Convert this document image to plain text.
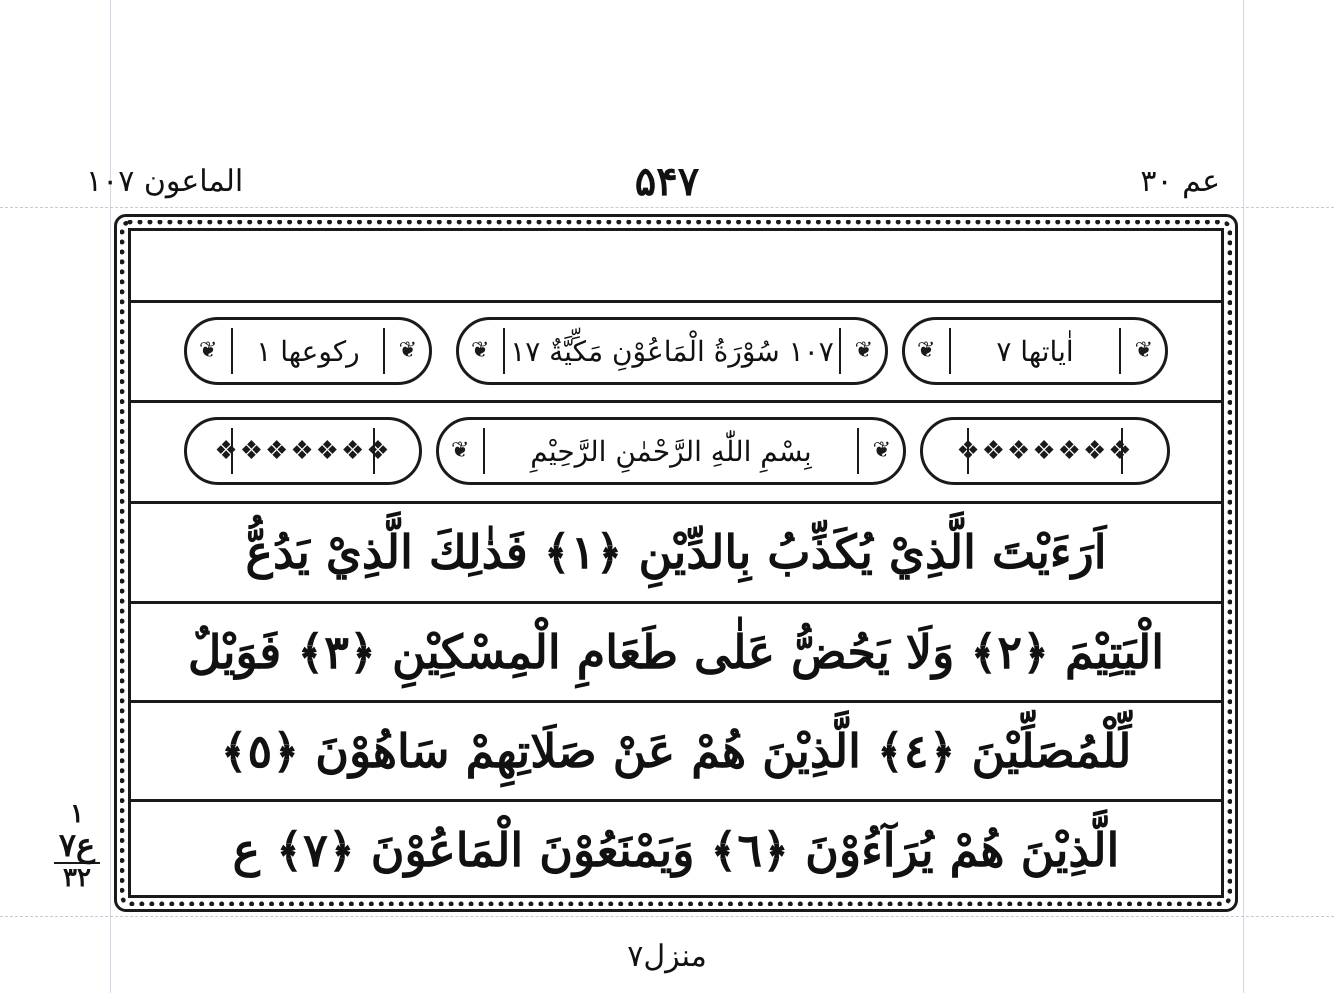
الماعون ١٠٧	۵۴۷	عم ٣٠
❦ رکوعھا ١ ❦ ❦ ١٠٧ سُوْرَةُ الْمَاعُوْنِ مَكِّيَّةٌ ١٧ ❦ ❦ اٰیاتھا ٧	❦
❖❖❖❖❖❖❖	❦ بِسْمِ اللّٰهِ الرَّحْمٰنِ الرَّحِيْمِ	❦	❖❖❖❖❖❖❖
اَرَءَيْتَ الَّذِيْ يُكَذِّبُ بِالدِّيْنِ ﴿١﴾ فَذٰلِكَ الَّذِيْ يَدُعُّ
الْيَتِيْمَ ﴿٢﴾ وَلَا يَحُضُّ عَلٰى طَعَامِ الْمِسْكِيْنِ ﴿٣﴾ فَوَيْلٌ
لِّلْمُصَلِّيْنَ ﴿٤﴾ الَّذِيْنَ هُمْ عَنْ صَلَاتِهِمْ سَاهُوْنَ ﴿٥﴾
الَّذِيْنَ هُمْ يُرَآءُوْنَ ﴿٦﴾ وَيَمْنَعُوْنَ الْمَاعُوْنَ ﴿٧﴾ ع
١
ع٧
٣٢
منزل٧
